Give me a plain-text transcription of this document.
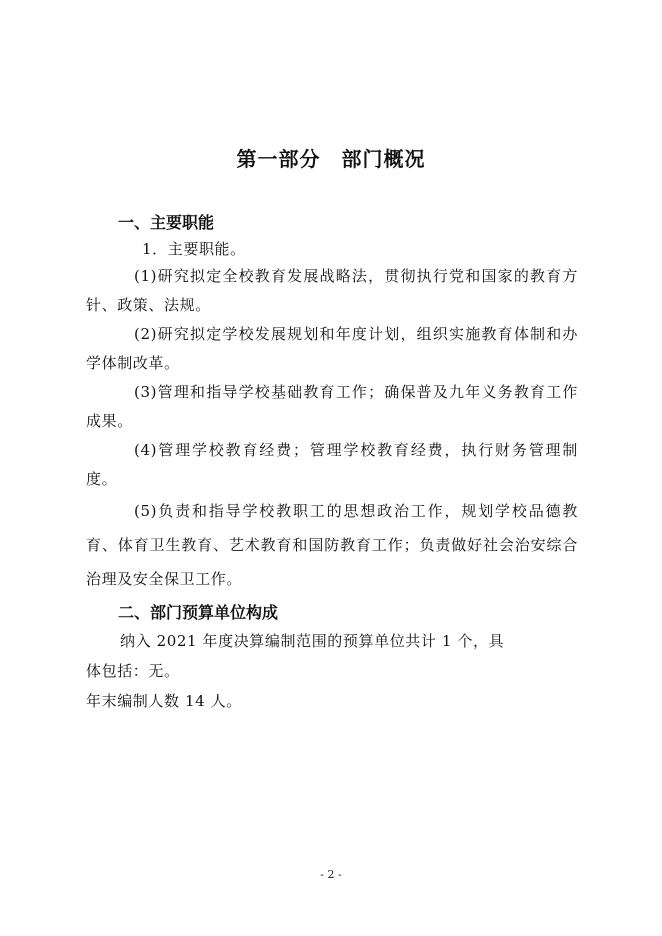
第一部分　部门概况

一、主要职能

1．主要职能。

(1)研究拟定全校教育发展战略法，贯彻执行党和国家的教育方针、政策、法规。

(2)研究拟定学校发展规划和年度计划，组织实施教育体制和办学体制改革。

(3)管理和指导学校基础教育工作；确保普及九年义务教育工作成果。

(4)管理学校教育经费；管理学校教育经费，执行财务管理制度。

(5)负责和指导学校教职工的思想政治工作，规划学校品德教育、体育卫生教育、艺术教育和国防教育工作；负责做好社会治安综合治理及安全保卫工作。

二、部门预算单位构成

纳入 2021 年度决算编制范围的预算单位共计 1 个，具

体包括：无。

年末编制人数 14 人。

- 2 -
